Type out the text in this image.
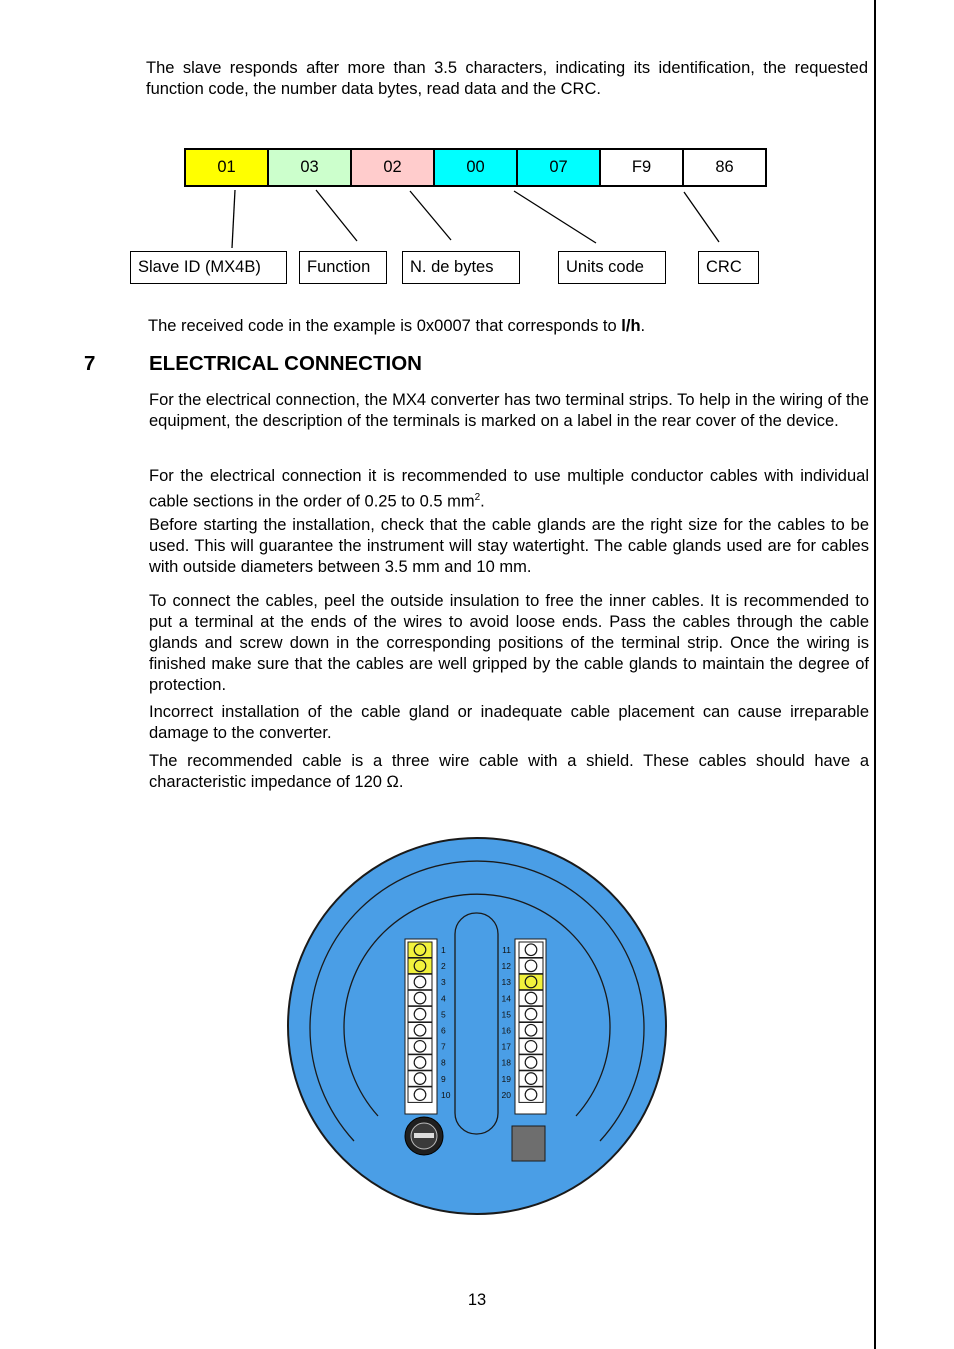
The slave responds after more than 3.5 characters, indicating its identification, the requested function code, the number data bytes, read data and the CRC.

01	03	02	00	07	F9	86
Slave ID (MX4B)	Function	N. de bytes	Units code	CRC

The received code in the example is 0x0007 that corresponds to l/h.

7	ELECTRICAL CONNECTION

For the electrical connection, the MX4 converter has two terminal strips. To help in the wiring of the equipment, the description of the terminals is marked on a label in the rear cover of the device.

For the electrical connection it is recommended to use multiple conductor cables with individual cable sections in the order of 0.25 to 0.5 $mm^2$.

Before starting the installation, check that the cable glands are the right size for the cables to be used. This will guarantee the instrument will stay watertight. The cable glands used are for cables with outside diameters between 3.5 mm and 10 mm.

To connect the cables, peel the outside insulation to free the inner cables. It is recommended to put a terminal at the ends of the wires to avoid loose ends. Pass the cables through the cable glands and screw down in the corresponding positions of the terminal strip. Once the wiring is finished make sure that the cables are well gripped by the cable glands to maintain the degree of protection.

Incorrect installation of the cable gland or inadequate cable placement can cause irreparable damage to the converter.

The recommended cable is a three wire cable with a shield. These cables should have a characteristic impedance of 120 Ω.

1
2
3
4
5
6
7
8
9
10
11
12
13
14
15
16
17
18
19
20
13
